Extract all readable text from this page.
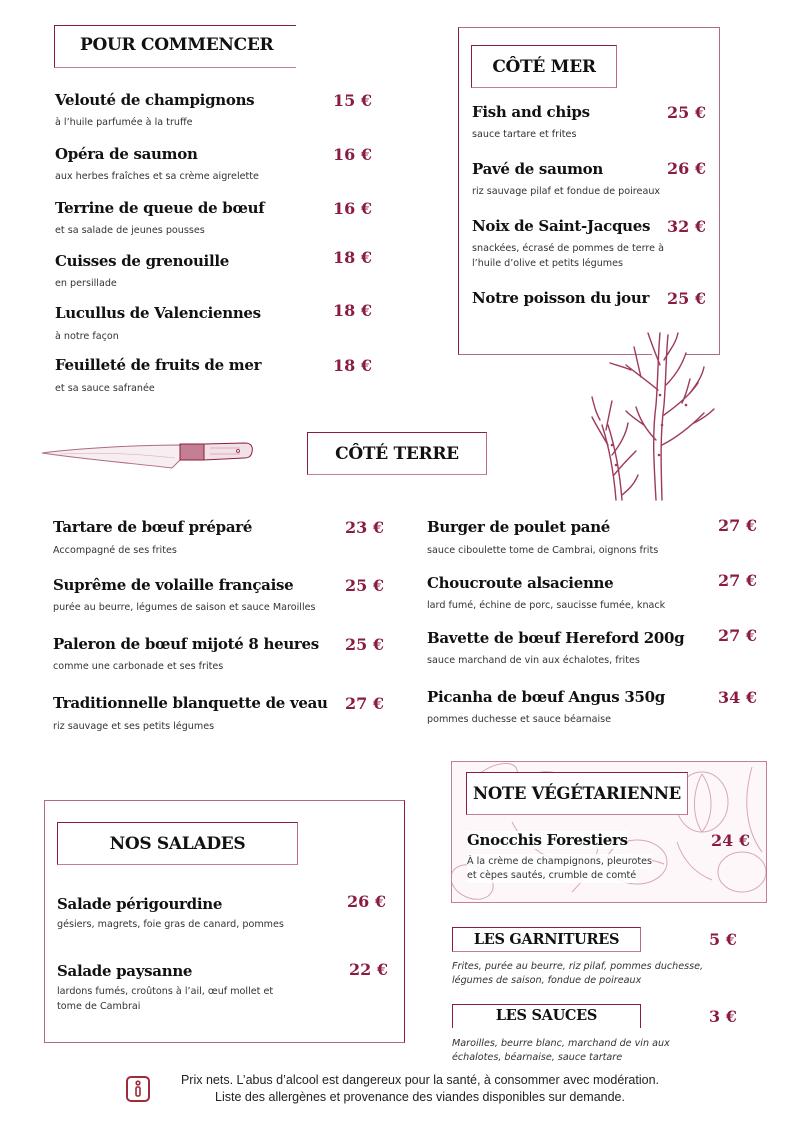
POUR COMMENCER
Velouté de champignons	15 €
à l’huile parfumée à la truffe
Opéra de saumon	16 €
aux herbes fraîches et sa crème aigrelette
Terrine de queue de bœuf	16 €
et sa salade de jeunes pousses
Cuisses de grenouille	18 €
en persillade
Lucullus de Valenciennes	18 €
à notre façon
Feuilleté de fruits de mer	18 €
et sa sauce safranée
CÔTÉ MER
Fish and chips	25 €
sauce tartare et frites
Pavé de saumon	26 €
riz sauvage pilaf et fondue de poireaux
Noix de Saint-Jacques 32 €
snackées, écrasé de pommes de terre à
l’huile d’olive et petits légumes
Notre poisson du jour 25 €
CÔTÉ TERRE
Tartare de bœuf préparé	23 €
Accompagné de ses frites
Suprême de volaille française	25 €
purée au beurre, légumes de saison et sauce Maroilles
Paleron de bœuf mijoté 8 heures 25 €
comme une carbonade et ses frites
Traditionnelle blanquette de veau 27 €
riz sauvage et ses petits légumes
Burger de poulet pané	27 €
sauce ciboulette tome de Cambrai, oignons frits
Choucroute alsacienne	27 €
lard fumé, échine de porc, saucisse fumée, knack
Bavette de bœuf Hereford 200g 27 €
sauce marchand de vin aux échalotes, frites
Picanha de bœuf Angus 350g	34 €
pommes duchesse et sauce béarnaise
NOS SALADES
Salade périgourdine	26 €
gésiers, magrets, foie gras de canard, pommes
Salade paysanne	22 €
lardons fumés, croûtons à l’ail, œuf mollet et
tome de Cambrai
NOTE VÉGÉTARIENNE
Gnocchis Forestiers	24 €
À la crème de champignons, pleurotes
et cèpes sautés, crumble de comté
LES GARNITURES	5 €
Frites, purée au beurre, riz pilaf, pommes duchesse,
légumes de saison, fondue de poireaux
LES SAUCES	3 €
Maroilles, beurre blanc, marchand de vin aux
échalotes, béarnaise, sauce tartare
Prix nets. L’abus d’alcool est dangereux pour la santé, à consommer avec modération.
Liste des allergènes et provenance des viandes disponibles sur demande.
